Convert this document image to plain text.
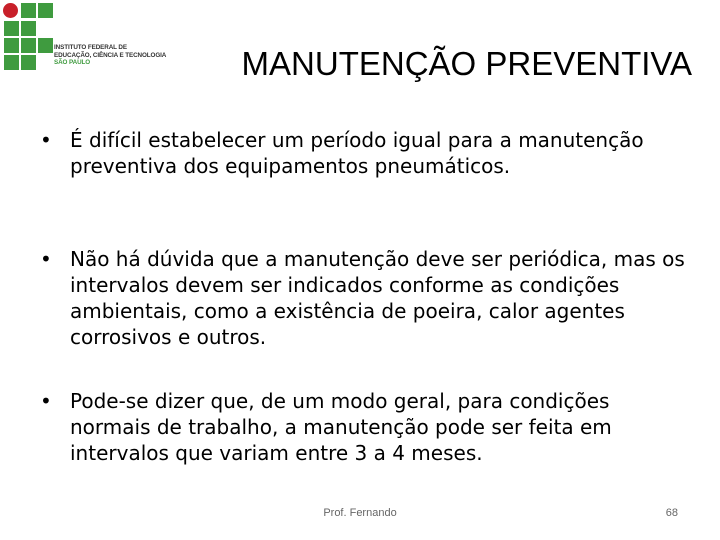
INSTITUTO FEDERAL DE
EDUCAÇÃO, CIÊNCIA E TECNOLOGIA
SÃO PAULO	MANUTENÇÃO PREVENTIVA
• É difícil estabelecer um período igual para a manutenção preventiva dos equipamentos pneumáticos.
• Não há dúvida que a manutenção deve ser periódica, mas os intervalos devem ser indicados conforme as condições ambientais, como a existência de poeira, calor agentes corrosivos e outros.
• Pode-se dizer que, de um modo geral, para condições normais de trabalho, a manutenção pode ser feita em intervalos que variam entre 3 a 4 meses.
Prof. Fernando	68
